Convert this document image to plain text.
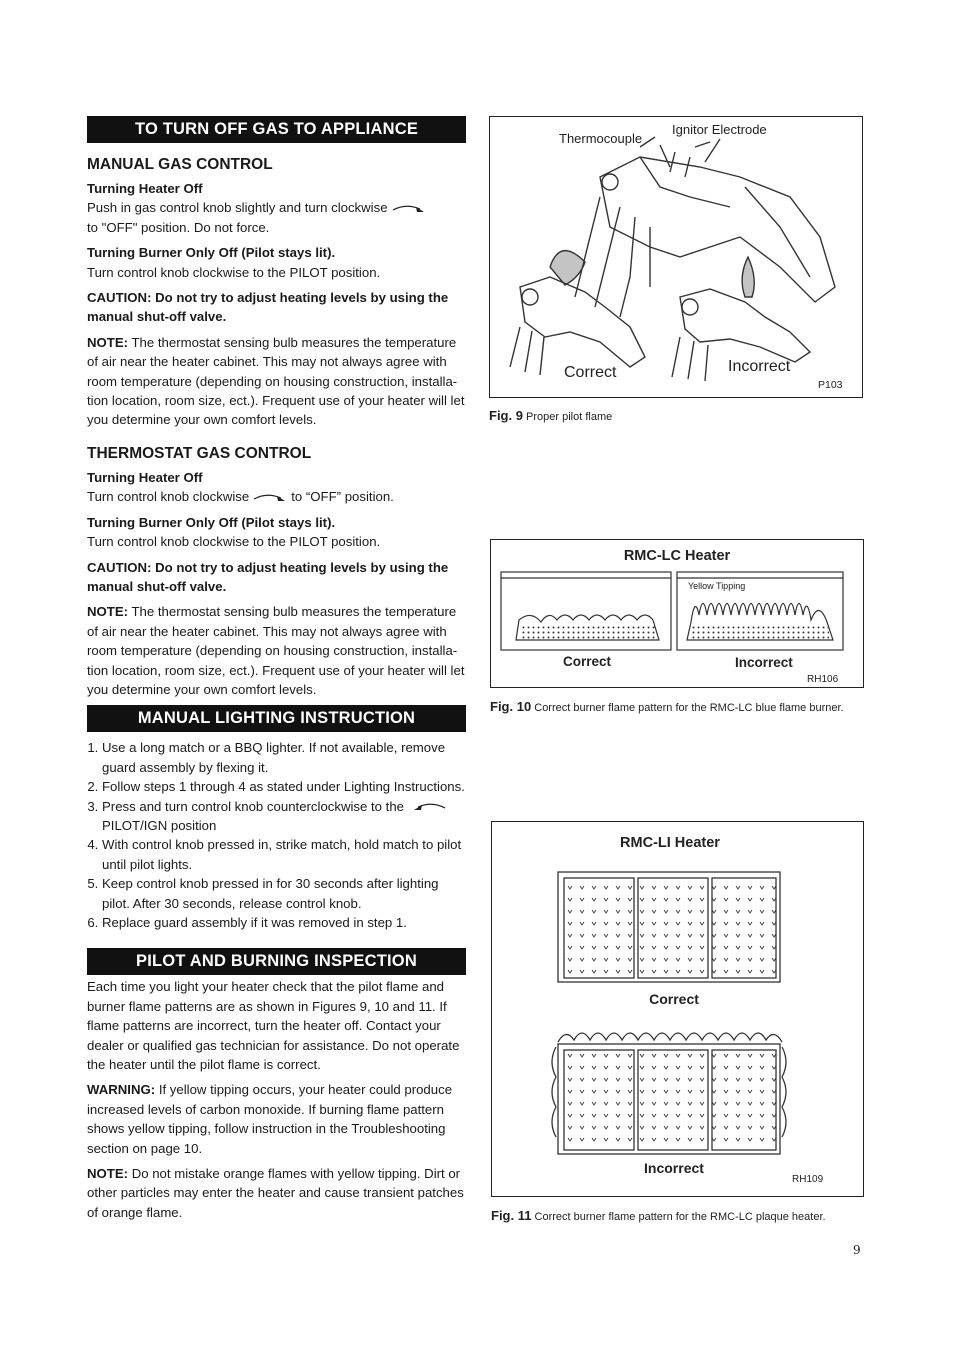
TO TURN OFF GAS TO APPLIANCE
MANUAL GAS CONTROL
Turning Heater Off
Push in gas control knob slightly and turn clockwise
to "OFF" position. Do not force.
Turning Burner Only Off (Pilot stays lit).
Turn control knob clockwise to the PILOT position.

CAUTION: Do not try to adjust heating levels by using the manual shut-off valve.

NOTE: The thermostat sensing bulb measures the temperature of air near the heater cabinet. This may not always agree with room temperature (depending on housing construction, installa- tion location, room size, ect.). Frequent use of your heater will let you determine your own comfort levels.

THERMOSTAT GAS CONTROL
Turning Heater Off
Turn control knob clockwise	to “OFF” position.
Turning Burner Only Off (Pilot stays lit).
Turn control knob clockwise to the PILOT position.

CAUTION: Do not try to adjust heating levels by using the manual shut-off valve.

NOTE: The thermostat sensing bulb measures the temperature of air near the heater cabinet. This may not always agree with room temperature (depending on housing construction, installa- tion location, room size, ect.). Frequent use of your heater will let you determine your own comfort levels.

MANUAL LIGHTING INSTRUCTION
1. Use a long match or a BBQ lighter. If not available, remove guard assembly by flexing it.
2. Follow steps 1 through 4 as stated under Lighting Instructions.
3. Press and turn control knob counterclockwise to the
PILOT/IGN position
4. With control knob pressed in, strike match, hold match to pilot until pilot lights.
5. Keep control knob pressed in for 30 seconds after lighting pilot. After 30 seconds, release control knob.
6. Replace guard assembly if it was removed in step 1.
PILOT AND BURNING INSPECTION

Each time you light your heater check that the pilot flame and burner flame patterns are as shown in Figures 9, 10 and 11. If flame patterns are incorrect, turn the heater off. Contact your dealer or qualified gas technician for assistance. Do not operate the heater until the pilot flame is correct.

WARNING: If yellow tipping occurs, your heater could produce increased levels of carbon monoxide. If burning flame pattern shows yellow tipping, follow instruction in the Troubleshooting section on page 10.

NOTE: Do not mistake orange flames with yellow tipping. Dirt or other particles may enter the heater and cause transient patches of orange flame.

Thermocouple
Ignitor Electrode
Correct	Incorrect
P103
Fig. 9 Proper pilot flame
RMC-LC Heater
Yellow Tipping
Correct	Incorrect
RH106
Fig. 10 Correct burner flame pattern for the RMC-LC blue flame burner.
RMC-LI Heater
Correct
Incorrect
RH109
Fig. 11 Correct burner flame pattern for the RMC-LC plaque heater.
9
